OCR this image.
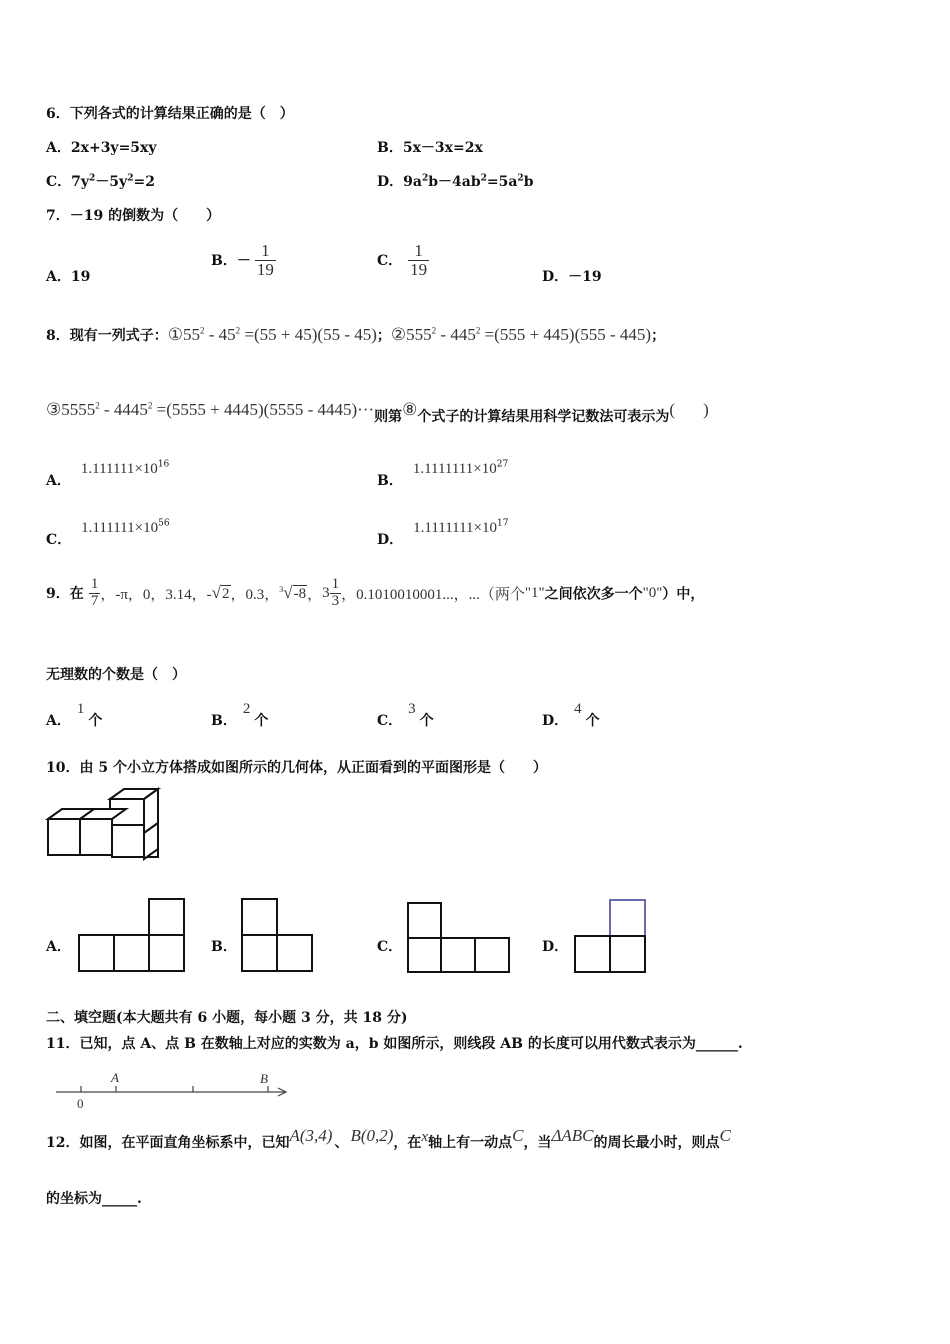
6．下列各式的计算结果正确的是（　）
A．2x+3y=5xy	B．5x－3x=2x
C．$7y^2-5y^2=2$	D．$9a^2b-4ab^2=5a^2b$
7．－19 的倒数为（　　）
A．19
B．－ $\frac{1}{19}$	C． $\frac{1}{19}$	D．－19
8．现有一列式子：$①55^2 - 45^2 =(55 + 45)(55 - 45)$；$②555^2 - 445^2 =(555 + 445)(555 - 445)$；
③5555$^2$ - $4445^2 =(5555 + 4445)(5555 - 4445)\cdot\cdot\cdot$则第⑧个式子的计算结果用科学记数法可表示为( )
A．$1.111111\times 10^{16}$
B．$1.1111111\times 10^{27}$
C．$1.111111\times 10^{56}$
D．$1.1111111\times 10^{17}$
9．在 $\frac{1}{7}$ ，-π，0，3.14，-√2，0.3，$^3$√-8，$3 \frac{1}{3}$ ，0.1010010001...，...（两个"1"之间依次多一个"0"）中，
无理数的个数是（　）
A．1个	B．2个	C．3个	D．4个
10．由 5 个小立方体搭成如图所示的几何体，从正面看到的平面图形是（　　）
A．	B．	C．	D．
二、填空题(本大题共有 6 小题，每小题 3 分，共 18 分)
11．已知，点 A、点 B 在数轴上对应的实数为 a，b 如图所示，则线段 AB 的长度可以用代数式表示为______.
A	B
0
12．如图，在平面直角坐标系中，已知A(3,4) 、 B(0,2)，在x轴上有一动点C，当ΔABC的周长最小时，则点C
的坐标为_____.
